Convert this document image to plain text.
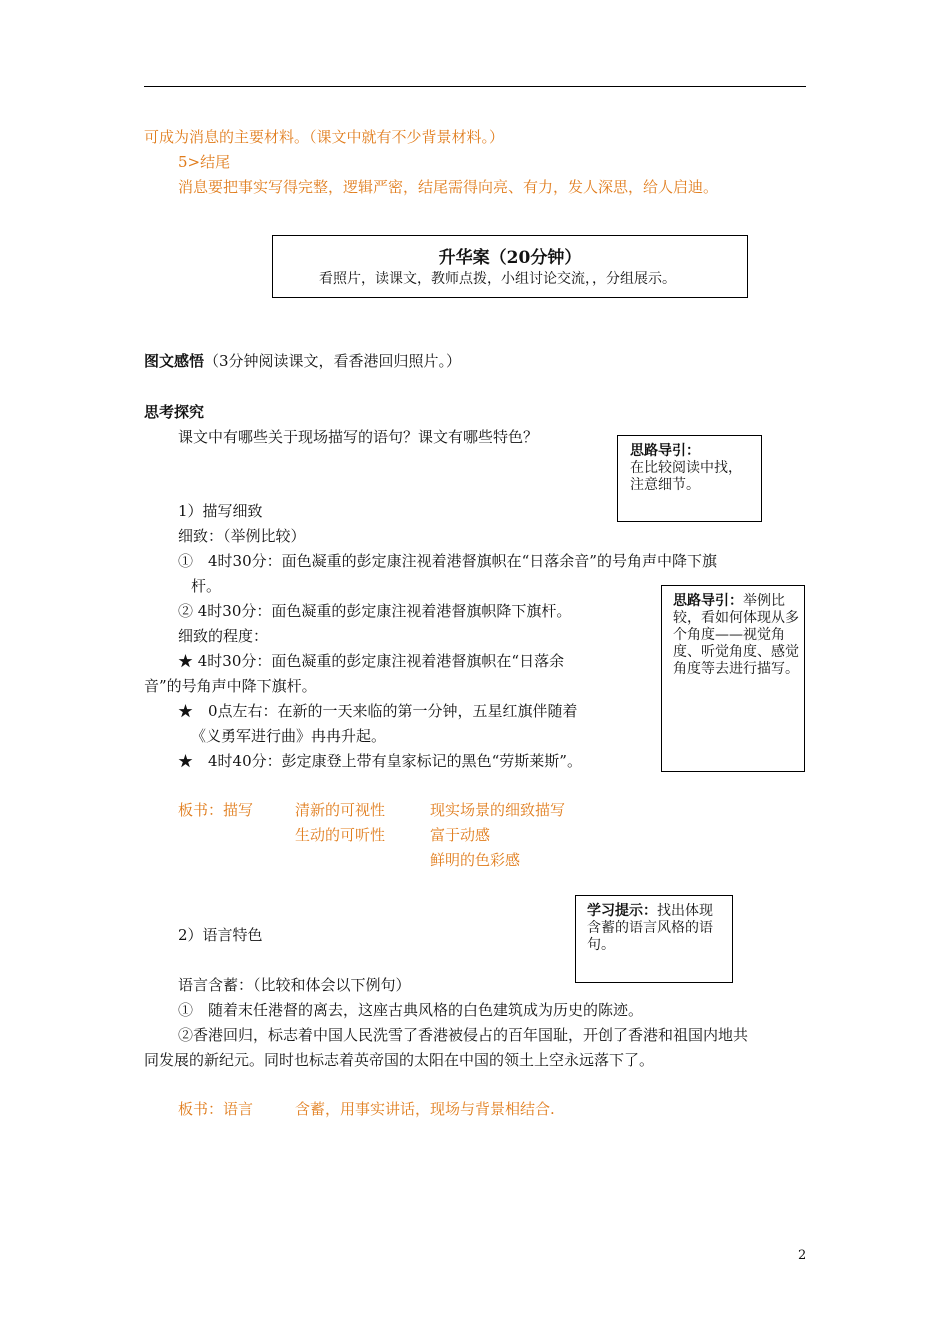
可成为消息的主要材料。（课文中就有不少背景材料。）
5>结尾
消息要把事实写得完整，逻辑严密，结尾需得向亮、有力，发人深思，给人启迪。
升华案（20分钟）
看照片，读课文，教师点拨，小组讨论交流，，分组展示。
图文感悟（3分钟阅读课文，看香港回归照片。）
思考探究
课文中有哪些关于现场描写的语句？课文有哪些特色？
思路导引：
在比较阅读中找，注意细节。
1）描写细致
细致：（举例比较）
①　4时30分：面色凝重的彭定康注视着港督旗帜在“日落余音”的号角声中降下旗
杆。
② 4时30分：面色凝重的彭定康注视着港督旗帜降下旗杆。
细致的程度：
★ 4时30分：面色凝重的彭定康注视着港督旗帜在“日落余
音”的号角声中降下旗杆。
★　0点左右：在新的一天来临的第一分钟，五星红旗伴随着
《义勇军进行曲》冉冉升起。
★　4时40分：彭定康登上带有皇家标记的黑色“劳斯莱斯”。
思路导引：举例比较，看如何体现从多个角度——视觉角度、听觉角度、感觉角度等去进行描写。
板书：描写	清新的可视性
生动的可听性
现实场景的细致描写
富于动感
鲜明的色彩感
学习提示：找出体现含蓄的语言风格的语句。
2）语言特色
语言含蓄：（比较和体会以下例句）
①　随着末任港督的离去，这座古典风格的白色建筑成为历史的陈迹。
②香港回归，标志着中国人民洗雪了香港被侵占的百年国耻，开创了香港和祖国内地共
同发展的新纪元。同时也标志着英帝国的太阳在中国的领土上空永远落下了。
板书：语言	含蓄，用事实讲话，现场与背景相结合.
2
